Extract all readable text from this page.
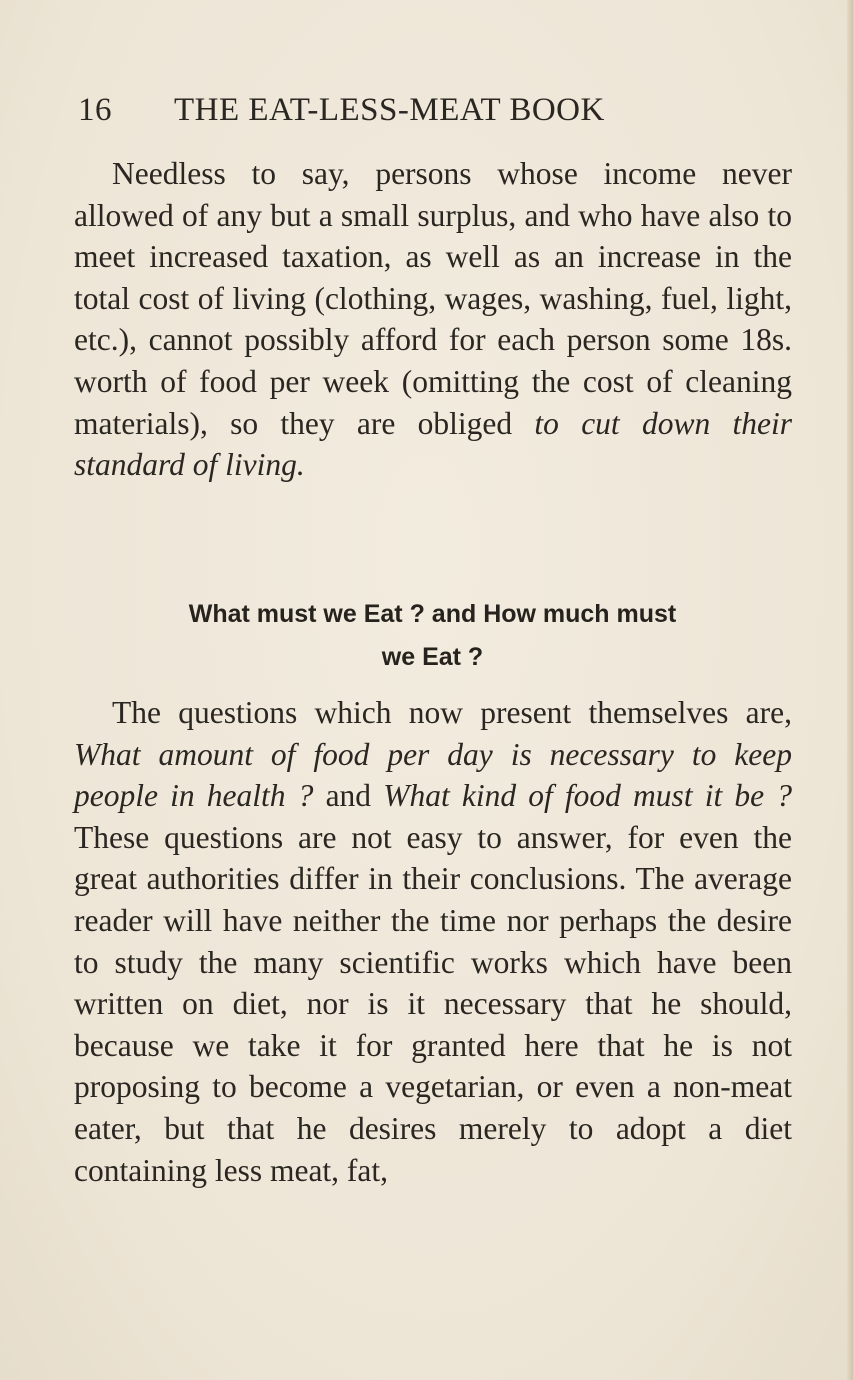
16 THE EAT-LESS-MEAT BOOK

Needless to say, persons whose income never allowed of any but a small surplus, and who have also to meet increased taxation, as well as an increase in the total cost of living (clothing, wages, washing, fuel, light, etc.), cannot possibly afford for each person some 18s. worth of food per week (omitting the cost of cleaning materials), so they are obliged to cut down their standard of living.

What must we Eat ? and How much must
we Eat ?

The questions which now present themselves are, What amount of food per day is necessary to keep people in health ? and What kind of food must it be ? These questions are not easy to answer, for even the great authorities differ in their conclusions. The average reader will have neither the time nor perhaps the desire to study the many scientific works which have been written on diet, nor is it necessary that he should, because we take it for granted here that he is not proposing to become a vegetarian, or even a non-meat eater, but that he desires merely to adopt a diet containing less meat, fat,
